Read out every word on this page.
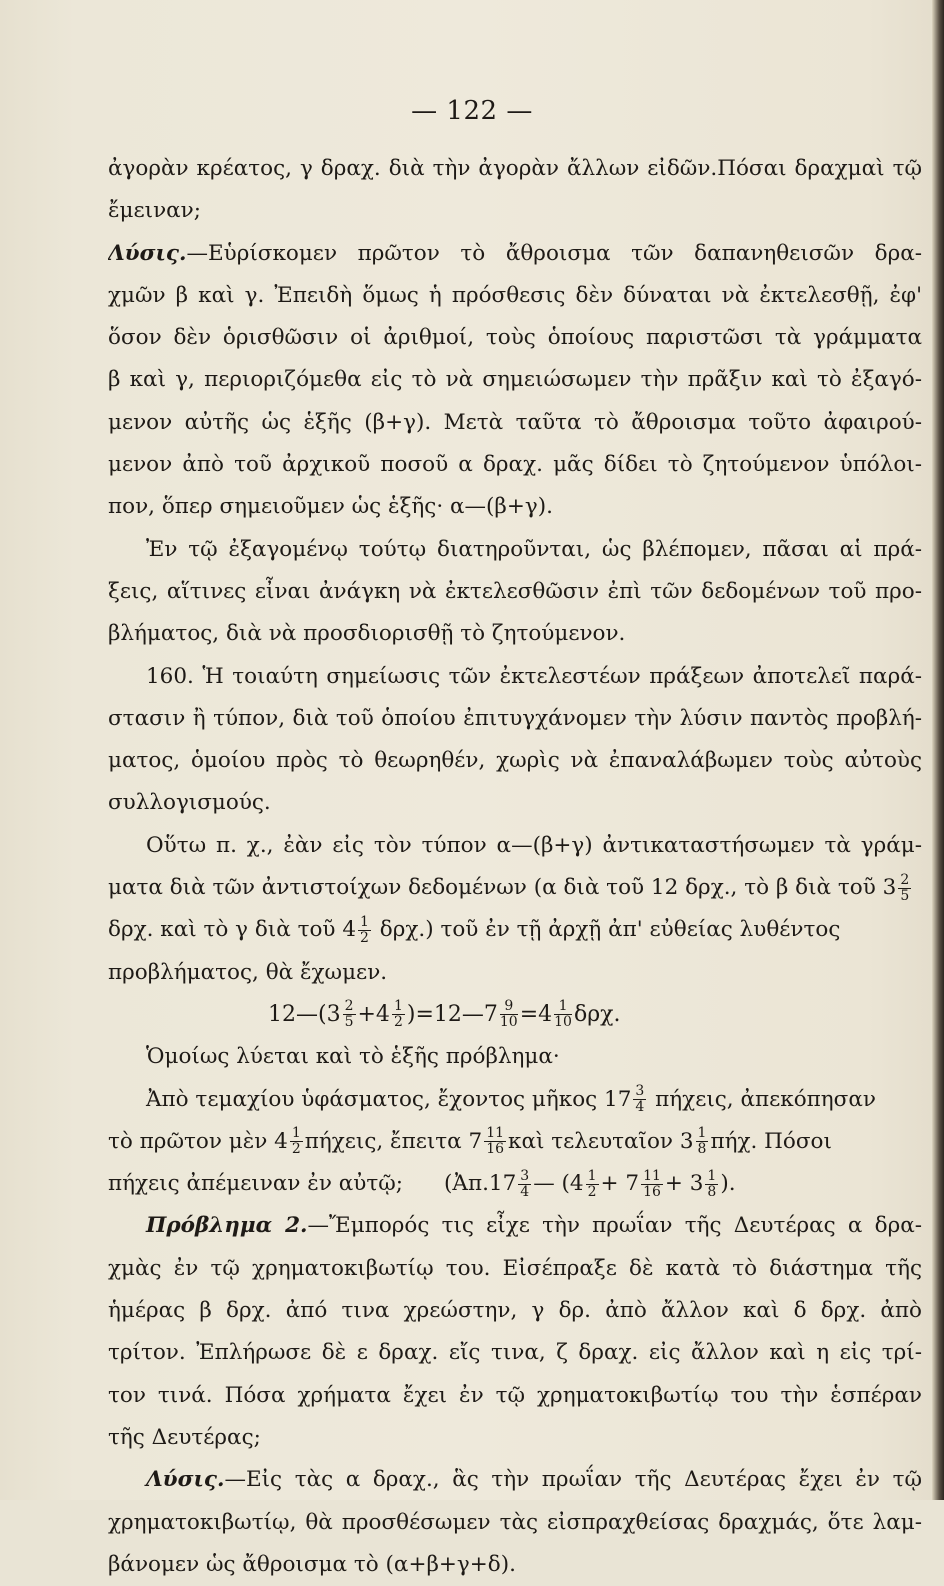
— 122 —
ἀγορὰν κρέατος, γ δραχ. διὰ τὴν ἀγορὰν ἄλλων εἰδῶν.Πόσαι δραχμαὶ τῷ
ἔμειναν;
Λύσις.—Εὑρίσκομεν πρῶτον τὸ ἄθροισμα τῶν δαπανηθεισῶν δρα-
χμῶν β καὶ γ. Ἐπειδὴ ὅμως ἡ πρόσθεσις δὲν δύναται νὰ ἐκτελεσθῇ, ἐφ'
ὅσον δὲν ὁρισθῶσιν οἱ ἀριθμοί, τοὺς ὁποίους παριστῶσι τὰ γράμματα
β καὶ γ, περιοριζόμεθα εἰς τὸ νὰ σημειώσωμεν τὴν πρᾶξιν καὶ τὸ ἐξαγό-
μενον αὐτῆς ὡς ἑξῆς (β+γ). Μετὰ ταῦτα τὸ ἄθροισμα τοῦτο ἀφαιρού-
μενον ἀπὸ τοῦ ἀρχικοῦ ποσοῦ α δραχ. μᾶς δίδει τὸ ζητούμενον ὑπόλοι-
πον, ὅπερ σημειοῦμεν ὡς ἑξῆς· α—(β+γ).
Ἐν τῷ ἐξαγομένῳ τούτῳ διατηροῦνται, ὡς βλέπομεν, πᾶσαι αἱ πρά-
ξεις, αἵτινες εἶναι ἀνάγκη νὰ ἐκτελεσθῶσιν ἐπὶ τῶν δεδομένων τοῦ προ-
βλήματος, διὰ νὰ προσδιορισθῇ τὸ ζητούμενον.
160. Ἡ τοιαύτη σημείωσις τῶν ἐκτελεστέων πράξεων ἀποτελεῖ παρά-
στασιν ἢ τύπον, διὰ τοῦ ὁποίου ἐπιτυγχάνομεν τὴν λύσιν παντὸς προβλή-
ματος, ὁμοίου πρὸς τὸ θεωρηθέν, χωρὶς νὰ ἐπαναλάβωμεν τοὺς αὐτοὺς
συλλογισμούς.
Οὕτω π. χ., ἐὰν εἰς τὸν τύπον α—(β+γ) ἀντικαταστήσωμεν τὰ γράμ-
ματα διὰ τῶν ἀντιστοίχων δεδομένων (α διὰ τοῦ 12 δρχ., τὸ β διὰ τοῦ $3 \frac{2}{5}$
δρχ. καὶ τὸ γ διὰ τοῦ $4 \frac{1}{2} \delta\rho\chi$.) τοῦ ἐν τῇ ἀρχῇ ἀπ' εὐθείας λυθέντος
προβλήματος, θὰ ἔχωμεν.
12—(3 $\frac{2}{5} +4 \frac{1}{2}$ )=12—7 $\frac{9}{10} =4 \frac{1}{10} \delta\rho\chi$.
Ὁμοίως λύεται καὶ τὸ ἑξῆς πρόβλημα·
Ἀπὸ τεμαχίου ὑφάσματος, ἔχοντος μῆκος $17 \frac{3}{4} \pi ή\chi\varepsilon\iota\varsigma$, ἀπεκόπησαν
τὸ πρῶτον μὲν $4 \frac{1}{2} \pi ή\chi\varepsilon\iota\varsigma$, ἔπειτα $7 \frac{11}{16}$ καὶ τελευταῖον $3 \frac{1}{8} \pi ή\chi$. Πόσοι
πήχεις ἀπέμειναν ἐν αὐτῷ; (Ἀπ.17 $\frac{3}{4}$ — ($4 \frac{1}{2} + 7 \frac{11}{16} + 3 \frac{1}{8}$ ).
Πρόβλημα 2.—Ἔμπορός τις εἶχε τὴν πρωΐαν τῆς Δευτέρας α δρα-
χμὰς ἐν τῷ χρηματοκιβωτίῳ του. Εἰσέπραξε δὲ κατὰ τὸ διάστημα τῆς
ἡμέρας β δρχ. ἀπό τινα χρεώστην, γ δρ. ἀπὸ ἄλλον καὶ δ δρχ. ἀπὸ
τρίτον. Ἐπλήρωσε δὲ ε δραχ. εἴς τινα, ζ δραχ. εἰς ἄλλον καὶ η εἰς τρί-
τον τινά. Πόσα χρήματα ἔχει ἐν τῷ χρηματοκιβωτίῳ του τὴν ἑσπέραν
τῆς Δευτέρας;
Λύσις.—Εἰς τὰς α δραχ., ἃς τὴν πρωΐαν τῆς Δευτέρας ἔχει ἐν τῷ
χρηματοκιβωτίῳ, θὰ προσθέσωμεν τὰς εἰσπραχθείσας δραχμάς, ὅτε λαμ-
βάνομεν ὡς ἄθροισμα τὸ (α+β+γ+δ).
